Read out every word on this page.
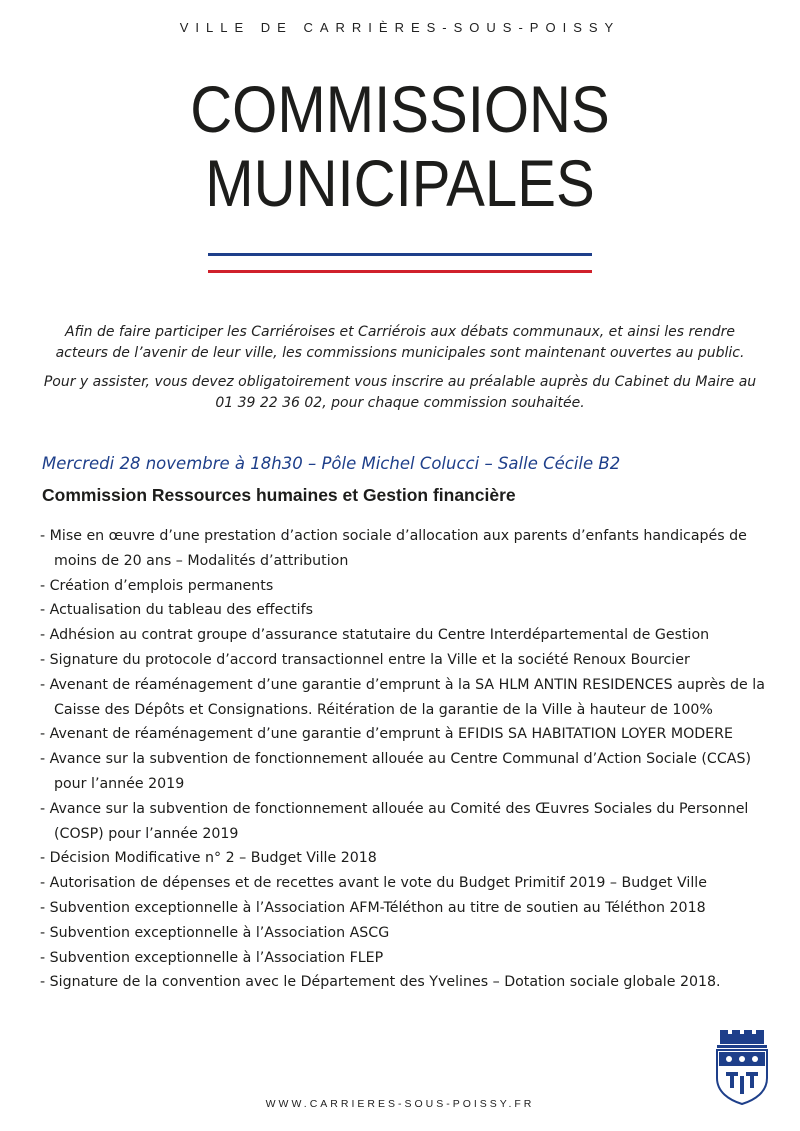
VILLE DE CARRIÈRES-SOUS-POISSY
COMMISSIONS
MUNICIPALES

Afin de faire participer les Carriéroises et Carriérois aux débats communaux, et ainsi les rendre acteurs de l’avenir de leur ville, les commissions municipales sont maintenant ouvertes au public.

Pour y assister, vous devez obligatoirement vous inscrire au préalable auprès du Cabinet du Maire au 01 39 22 36 02, pour chaque commission souhaitée.

Mercredi 28 novembre à 18h30 – Pôle Michel Colucci – Salle Cécile B2
Commission Ressources humaines et Gestion financière
- Mise en œuvre d’une prestation d’action sociale d’allocation aux parents d’enfants handicapés de moins de 20 ans – Modalités d’attribution
- Création d’emplois permanents
- Actualisation du tableau des effectifs
- Adhésion au contrat groupe d’assurance statutaire du Centre Interdépartemental de Gestion
- Signature du protocole d’accord transactionnel entre la Ville et la société Renoux Bourcier
- Avenant de réaménagement d’une garantie d’emprunt à la SA HLM ANTIN RESIDENCES auprès de la Caisse des Dépôts et Consignations. Réitération de la garantie de la Ville à hauteur de 100%
- Avenant de réaménagement d’une garantie d’emprunt à EFIDIS SA HABITATION LOYER MODERE
- Avance sur la subvention de fonctionnement allouée au Centre Communal d’Action Sociale (CCAS) pour l’année 2019
- Avance sur la subvention de fonctionnement allouée au Comité des Œuvres Sociales du Personnel (COSP) pour l’année 2019
- Décision Modificative n° 2 – Budget Ville 2018
- Autorisation de dépenses et de recettes avant le vote du Budget Primitif 2019 – Budget Ville
- Subvention exceptionnelle à l’Association AFM-Téléthon au titre de soutien au Téléthon 2018
- Subvention exceptionnelle à l’Association ASCG
- Subvention exceptionnelle à l’Association FLEP
- Signature de la convention avec le Département des Yvelines – Dotation sociale globale 2018.
WWW.CARRIERES-SOUS-POISSY.FR
